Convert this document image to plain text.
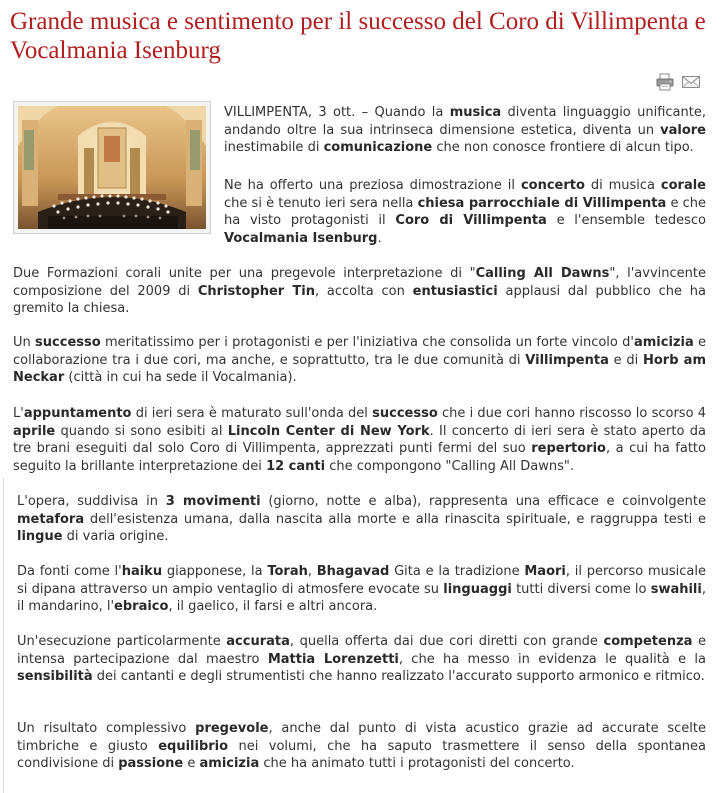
Grande musica e sentimento per il successo del Coro di Villimpenta e Vocalmania Isenburg

VILLIMPENTA, 3 ott. – Quando la musica diventa linguaggio unificante, andando oltre la sua intrinseca dimensione estetica, diventa un valore inestimabile di comunicazione che non conosce frontiere di alcun tipo.

Ne ha offerto una preziosa dimostrazione il concerto di musica corale che si è tenuto ieri sera nella chiesa parrocchiale di Villimpenta e che ha visto protagonisti il Coro di Villimpenta e l'ensemble tedesco Vocalmania Isenburg.

Due Formazioni corali unite per una pregevole interpretazione di "Calling All Dawns", l'avvincente composizione del 2009 di Christopher Tin, accolta con entusiastici applausi dal pubblico che ha gremito la chiesa.

Un successo meritatissimo per i protagonisti e per l'iniziativa che consolida un forte vincolo d'amicizia e collaborazione tra i due cori, ma anche, e soprattutto, tra le due comunità di Villimpenta e di Horb am Neckar (città in cui ha sede il Vocalmania).

L'appuntamento di ieri sera è maturato sull'onda del successo che i due cori hanno riscosso lo scorso 4 aprile quando si sono esibiti al Lincoln Center di New York. Il concerto di ieri sera è stato aperto da tre brani eseguiti dal solo Coro di Villimpenta, apprezzati punti fermi del suo repertorio, a cui ha fatto seguito la brillante interpretazione dei 12 canti che compongono "Calling All Dawns".

L'opera, suddivisa in 3 movimenti (giorno, notte e alba), rappresenta una efficace e coinvolgente metafora dell'esistenza umana, dalla nascita alla morte e alla rinascita spirituale, e raggruppa testi e lingue di varia origine.

Da fonti come l'haiku giapponese, la Torah, Bhagavad Gita e la tradizione Maori, il percorso musicale si dipana attraverso un ampio ventaglio di atmosfere evocate su linguaggi tutti diversi come lo swahili, il mandarino, l'ebraico, il gaelico, il farsi e altri ancora.

Un'esecuzione particolarmente accurata, quella offerta dai due cori diretti con grande competenza e intensa partecipazione dal maestro Mattia Lorenzetti, che ha messo in evidenza le qualità e la sensibilità dei cantanti e degli strumentisti che hanno realizzato l'accurato supporto armonico e ritmico.

Un risultato complessivo pregevole, anche dal punto di vista acustico grazie ad accurate scelte timbriche e giusto equilibrio nei volumi, che ha saputo trasmettere il senso della spontanea condivisione di passione e amicizia che ha animato tutti i protagonisti del concerto.
